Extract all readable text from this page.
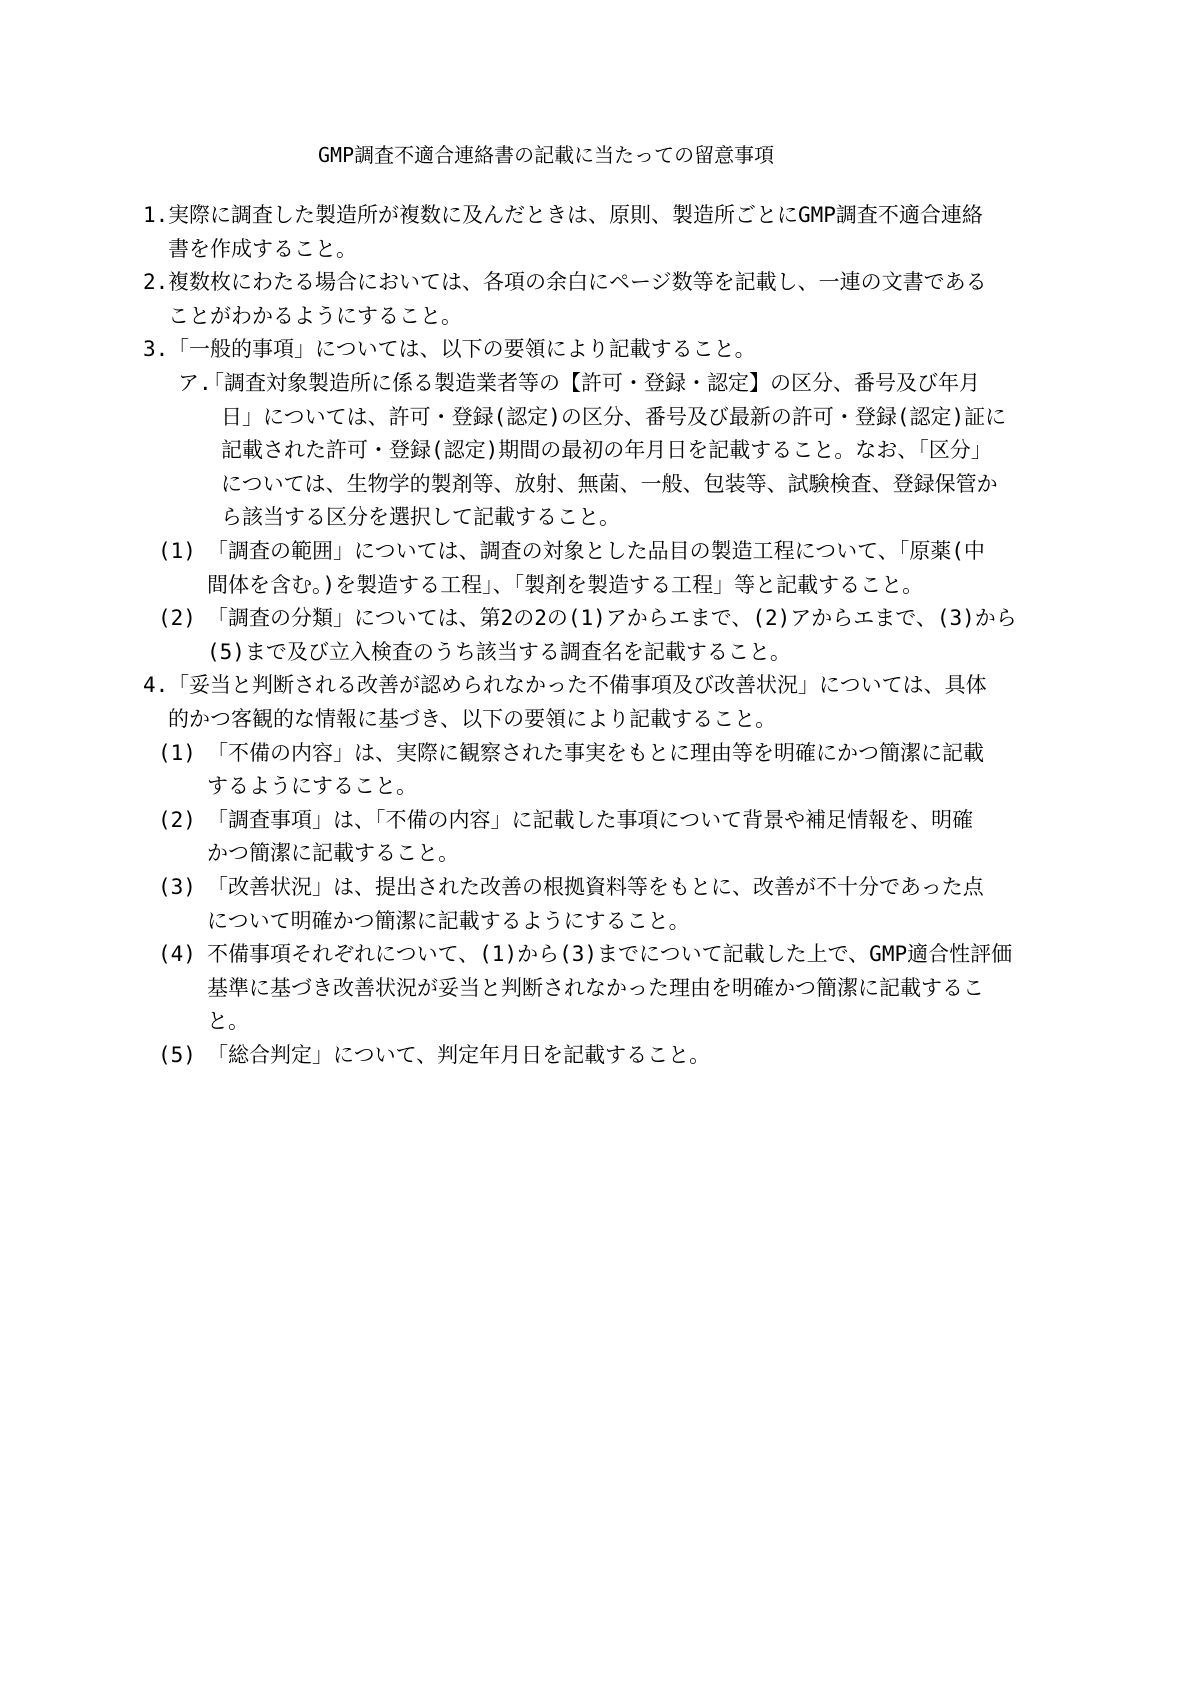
GMP調査不適合連絡書の記載に当たっての留意事項
1. 実際に調査した製造所が複数に及んだときは、原則、製造所ごとにGMP調査不適合連絡
書を作成すること。
2. 複数枚にわたる場合においては、各項の余白にページ数等を記載し、一連の文書である
ことがわかるようにすること。
3. 「一般的事項」については、以下の要領により記載すること。
ア.
「調査対象製造所に係る製造業者等の【許可・登録・認定】の区分、番号及び年月
日」については、許可・登録(認定)の区分、番号及び最新の許可・登録(認定)証に
記載された許可・登録(認定)期間の最初の年月日を記載すること。なお、「区分」
については、生物学的製剤等、放射、無菌、一般、包装等、試験検査、登録保管か
ら該当する区分を選択して記載すること。
(1) 「調査の範囲」については、調査の対象とした品目の製造工程について、「原薬(中
間体を含む。)を製造する工程」、「製剤を製造する工程」等と記載すること。
(2) 「調査の分類」については、第2の2の(1)アからエまで、(2)アからエまで、(3)から
(5)まで及び立入検査のうち該当する調査名を記載すること。
4. 「妥当と判断される改善が認められなかった不備事項及び改善状況」については、具体
的かつ客観的な情報に基づき、以下の要領により記載すること。
(1) 「不備の内容」は、実際に観察された事実をもとに理由等を明確にかつ簡潔に記載
するようにすること。
(2) 「調査事項」は、「不備の内容」に記載した事項について背景や補足情報を、明確
かつ簡潔に記載すること。
(3) 「改善状況」は、提出された改善の根拠資料等をもとに、改善が不十分であった点
について明確かつ簡潔に記載するようにすること。
(4) 不備事項それぞれについて、(1)から(3)までについて記載した上で、GMP適合性評価
基準に基づき改善状況が妥当と判断されなかった理由を明確かつ簡潔に記載するこ
と。
(5) 「総合判定」について、判定年月日を記載すること。
